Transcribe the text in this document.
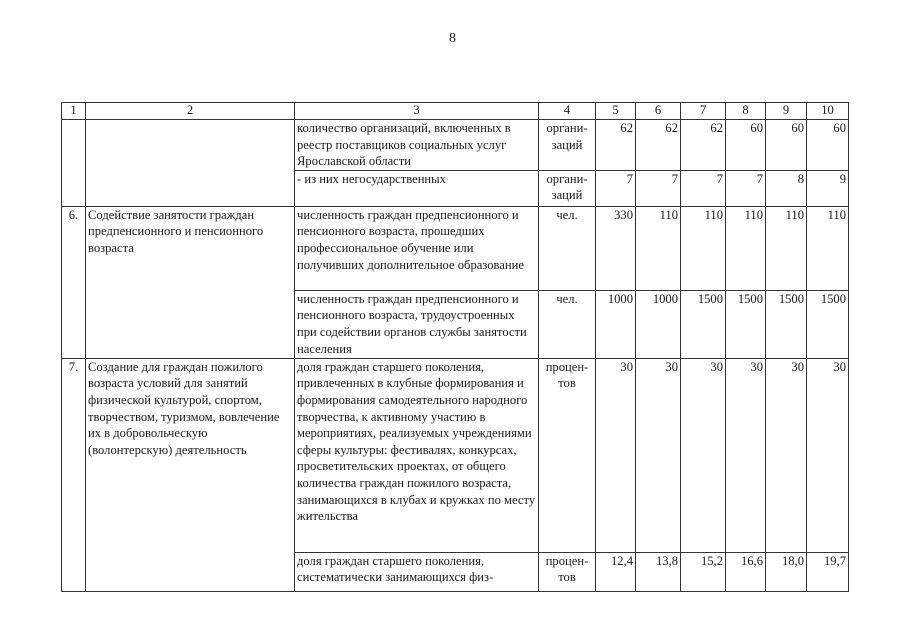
8
1	2	3	4	5	6	7	8	9	10
		количество организаций, включенных в реестр поставщиков социальных услуг Ярославской области	организаций	62	62	62	60	60	60
		- из них негосударственных	организаций	7	7	7	7	8	9
6.	Содействие занятости граждан предпенсионного и пенсионного возраста	численность граждан предпенсионного и пенсионного возраста, прошедших профессиональное обучение или получивших дополнительное образование	чел.	330	110	110	110	110	110
		численность граждан предпенсионного и пенсионного возраста, трудоустроенных при содействии органов службы занятости населения	чел.	1000	1000	1500	1500	1500	1500
7.	Создание для граждан пожилого возраста условий для занятий физической культурой, спортом, творчеством, туризмом, вовлечение их в добровольческую (волонтерскую) деятельность	доля граждан старшего поколения, привлеченных в клубные формирования и формирования самодеятельного народного творчества, к активному участию в мероприятиях, реализуемых учреждениями сферы культуры: фестивалях, конкурсах, просветительских проектах, от общего количества граждан пожилого возраста, занимающихся в клубах и кружках по месту жительства	процентов	30	30	30	30	30	30
		доля граждан старшего поколения, систематически занимающихся физ-	процентов	12,4	13,8	15,2	16,6	18,0	19,7
